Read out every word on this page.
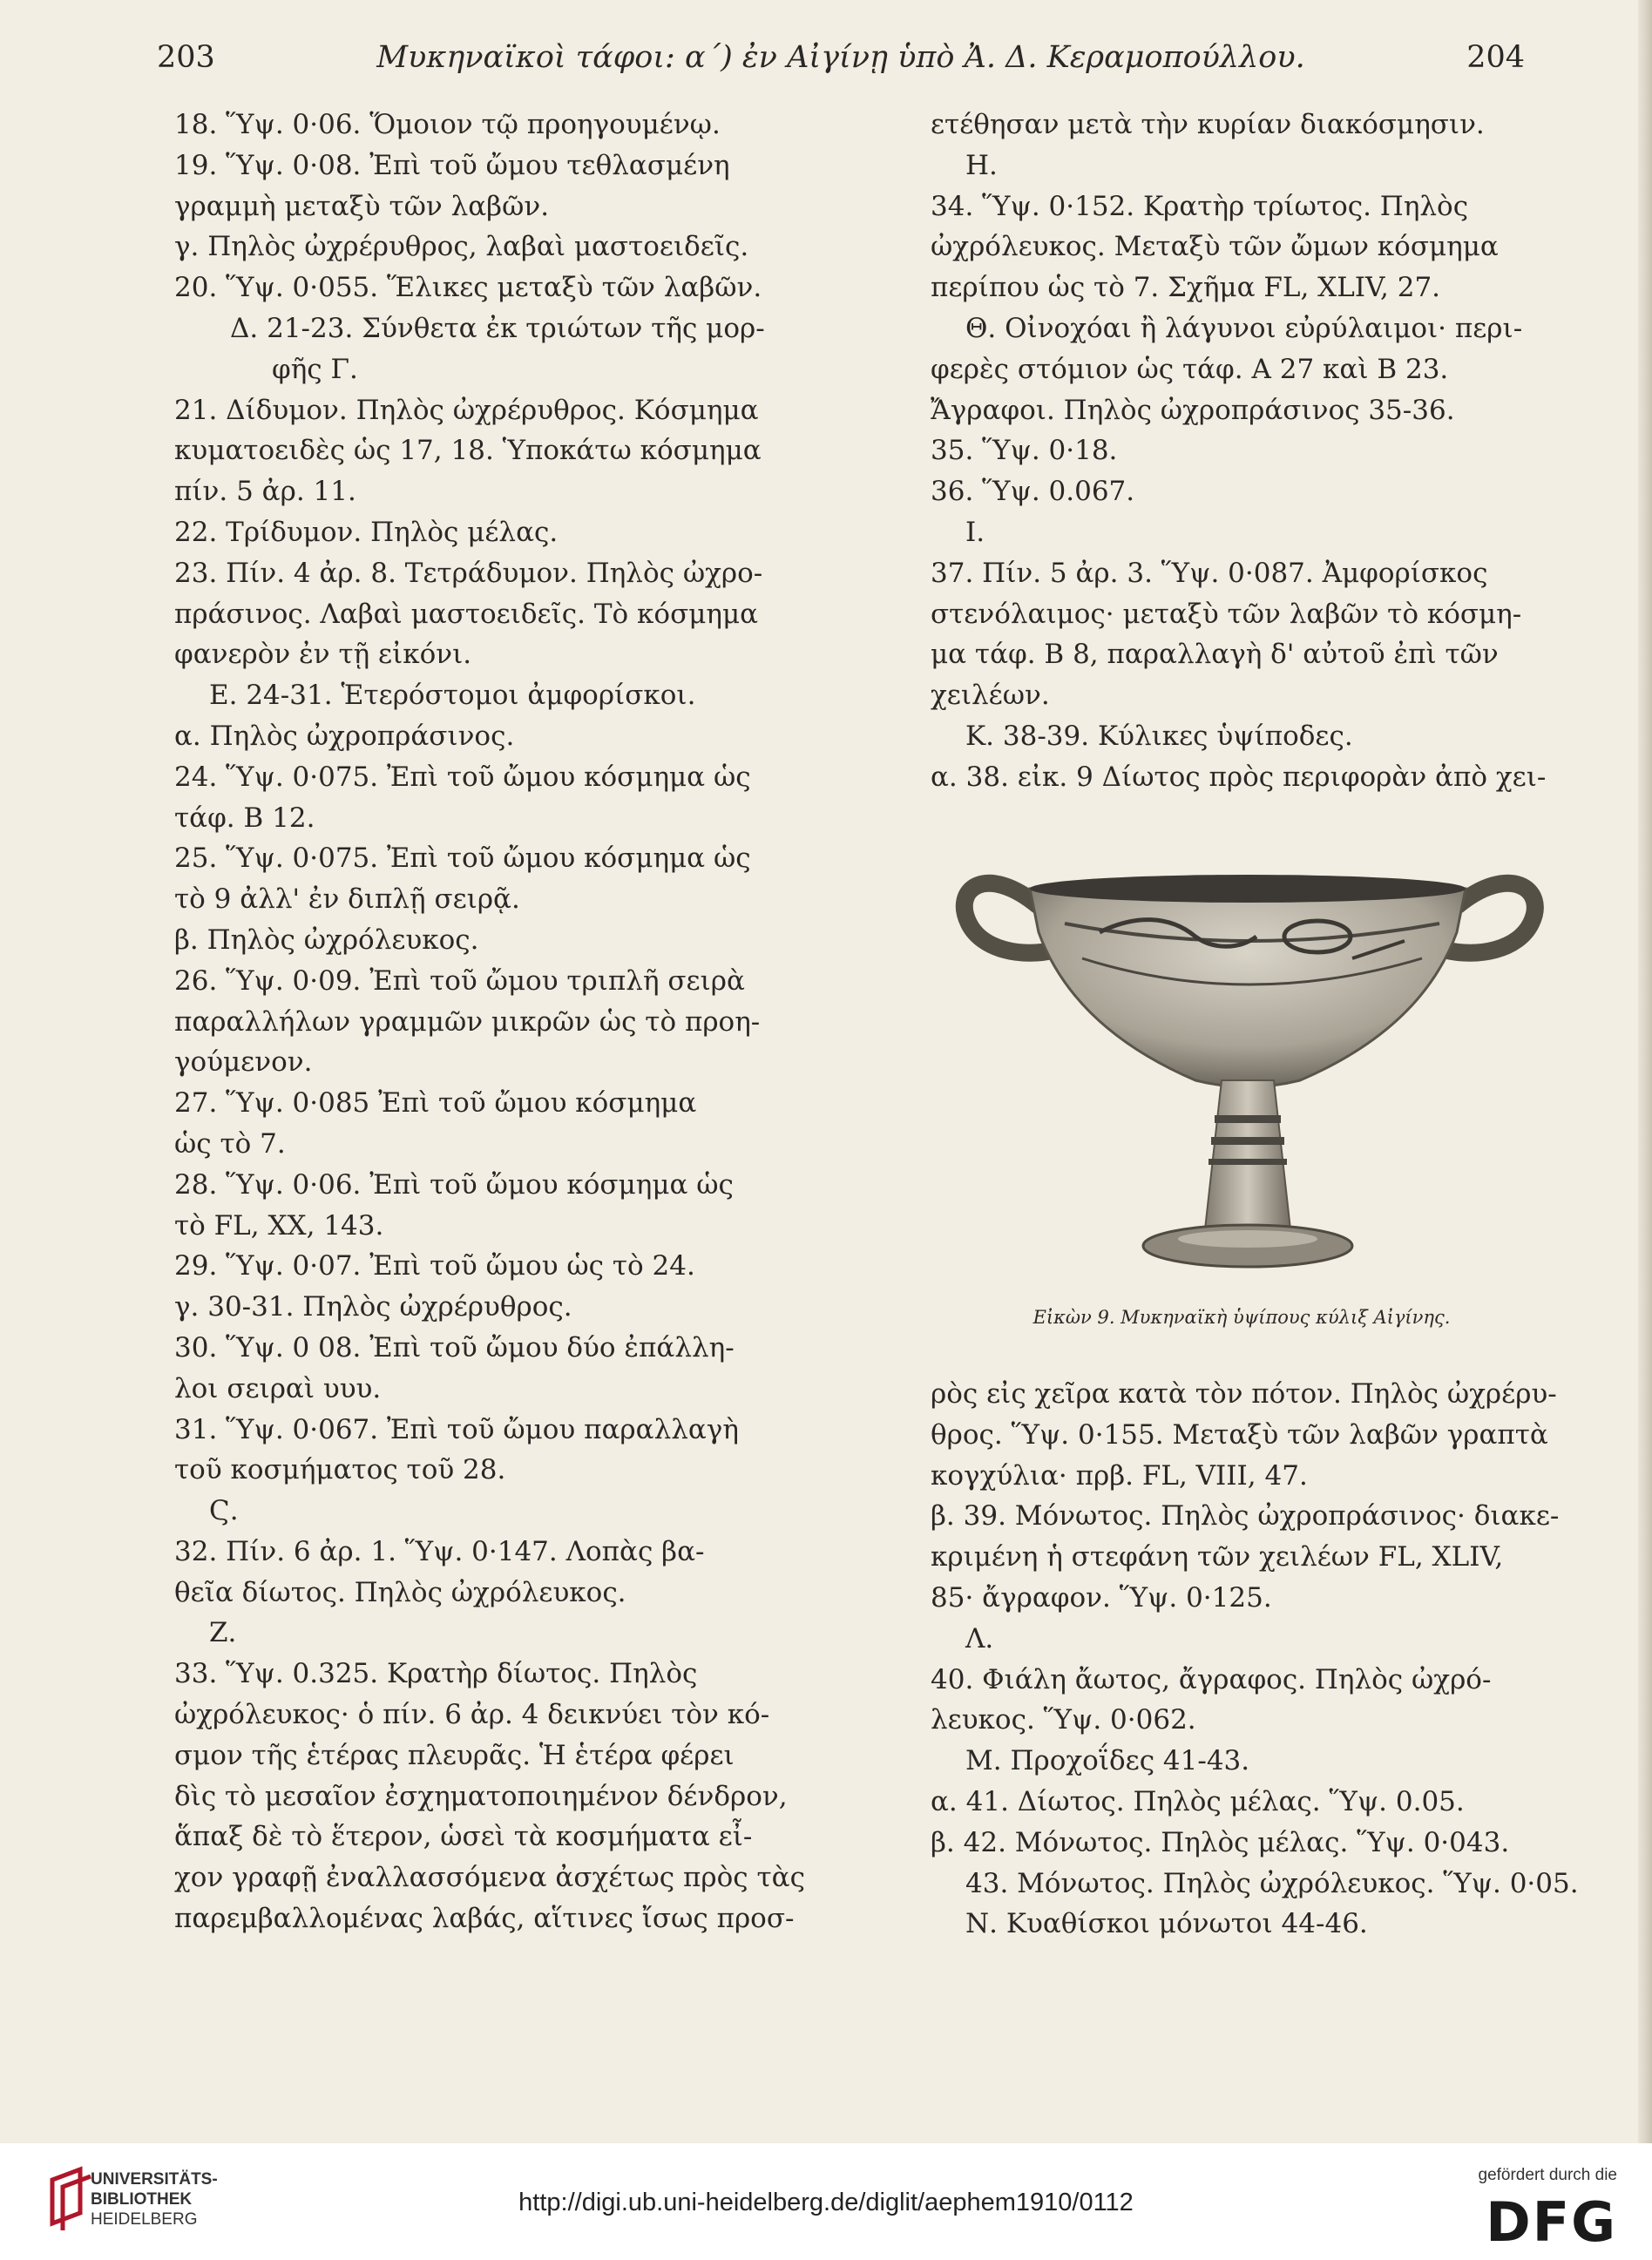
203	Μυκηναϊκοὶ τάφοι: α΄) ἐν Αἰγίνῃ ὑπὸ Ἀ. Δ. Κεραμοπούλλου.	204
18. Ὕψ. 0·06. Ὅμοιον τῷ προηγουμένῳ.
19. Ὕψ. 0·08. Ἐπὶ τοῦ ὤμου τεθλασμένη
γραμμὴ μεταξὺ τῶν λαβῶν.
γ. Πηλὸς ὠχρέρυθρος, λαβαὶ μαστοειδεῖς.
20. Ὕψ. 0·055. Ἕλικες μεταξὺ τῶν λαβῶν.
Δ. 21-23. Σύνθετα ἐκ τριώτων τῆς μορ-
φῆς Γ.
21. Δίδυμον. Πηλὸς ὠχρέρυθρος. Κόσμημα
κυματοειδὲς ὡς 17, 18. Ὑποκάτω κόσμημα
πίν. 5 ἀρ. 11.
22. Τρίδυμον. Πηλὸς μέλας.
23. Πίν. 4 ἀρ. 8. Τετράδυμον. Πηλὸς ὠχρο-
πράσινος. Λαβαὶ μαστοειδεῖς. Τὸ κόσμημα
φανερὸν ἐν τῇ εἰκόνι.
Ε. 24-31. Ἑτερόστομοι ἀμφορίσκοι.
α. Πηλὸς ὠχροπράσινος.
24. Ὕψ. 0·075. Ἐπὶ τοῦ ὤμου κόσμημα ὡς
τάφ. Β 12.
25. Ὕψ. 0·075. Ἐπὶ τοῦ ὤμου κόσμημα ὡς
τὸ 9 ἀλλ' ἐν διπλῇ σειρᾷ.
β. Πηλὸς ὠχρόλευκος.
26. Ὕψ. 0·09. Ἐπὶ τοῦ ὤμου τριπλῆ σειρὰ
παραλλήλων γραμμῶν μικρῶν ὡς τὸ προη-
γούμενον.
27. Ὕψ. 0·085 Ἐπὶ τοῦ ὤμου κόσμημα
ὡς τὸ 7.
28. Ὕψ. 0·06. Ἐπὶ τοῦ ὤμου κόσμημα ὡς
τὸ FL, XX, 143.
29. Ὕψ. 0·07. Ἐπὶ τοῦ ὤμου ὡς τὸ 24.
γ. 30-31. Πηλὸς ὠχρέρυθρος.
30. Ὕψ. 0 08. Ἐπὶ τοῦ ὤμου δύο ἐπάλλη-
λοι σειραὶ υυυ.
31. Ὕψ. 0·067. Ἐπὶ τοῦ ὤμου παραλλαγὴ
τοῦ κοσμήματος τοῦ 28.
Ϛ.
32. Πίν. 6 ἀρ. 1. Ὕψ. 0·147. Λοπὰς βα-
θεῖα δίωτος. Πηλὸς ὠχρόλευκος.
Ζ.
33. Ὕψ. 0.325. Κρατὴρ δίωτος. Πηλὸς
ὠχρόλευκος· ὁ πίν. 6 ἀρ. 4 δεικνύει τὸν κό-
σμον τῆς ἑτέρας πλευρᾶς. Ἡ ἑτέρα φέρει
δὶς τὸ μεσαῖον ἐσχηματοποιημένον δένδρον,
ἅπαξ δὲ τὸ ἕτερον, ὡσεὶ τὰ κοσμήματα εἶ-
χον γραφῇ ἐναλλασσόμενα ἀσχέτως πρὸς τὰς
παρεμβαλλομένας λαβάς, αἵτινες ἴσως προσ-
ετέθησαν μετὰ τὴν κυρίαν διακόσμησιν.
Η.
34. Ὕψ. 0·152. Κρατὴρ τρίωτος. Πηλὸς
ὠχρόλευκος. Μεταξὺ τῶν ὤμων κόσμημα
περίπου ὡς τὸ 7. Σχῆμα FL, XLIV, 27.
Θ. Οἰνοχόαι ἢ λάγυνοι εὐρύλαιμοι· περι-
φερὲς στόμιον ὡς τάφ. Α 27 καὶ Β 23.
Ἄγραφοι. Πηλὸς ὠχροπράσινος 35-36.
35. Ὕψ. 0·18.
36. Ὕψ. 0.067.
Ι.
37. Πίν. 5 ἀρ. 3. Ὕψ. 0·087. Ἀμφορίσκος
στενόλαιμος· μεταξὺ τῶν λαβῶν τὸ κόσμη-
μα τάφ. Β 8, παραλλαγὴ δ' αὐτοῦ ἐπὶ τῶν
χειλέων.
Κ. 38-39. Κύλικες ὑψίποδες.
α. 38. εἰκ. 9 Δίωτος πρὸς περιφορὰν ἀπὸ χει-
Εἰκὼν 9. Μυκηναϊκὴ ὑψίπους κύλιξ Αἰγίνης.
ρὸς εἰς χεῖρα κατὰ τὸν πότον. Πηλὸς ὠχρέρυ-
θρος. Ὕψ. 0·155. Μεταξὺ τῶν λαβῶν γραπτὰ
κογχύλια· πρβ. FL, VIII, 47.
β. 39. Μόνωτος. Πηλὸς ὠχροπράσινος· διακε-
κριμένη ἡ στεφάνη τῶν χειλέων FL, XLIV,
85· ἄγραφον. Ὕψ. 0·125.
Λ.
40. Φιάλη ἄωτος, ἄγραφος. Πηλὸς ὠχρό-
λευκος. Ὕψ. 0·062.
Μ. Προχοΐδες 41-43.
α. 41. Δίωτος. Πηλὸς μέλας. Ὕψ. 0.05.
β. 42. Μόνωτος. Πηλὸς μέλας. Ὕψ. 0·043.
43. Μόνωτος. Πηλὸς ὠχρόλευκος. Ὕψ. 0·05.
Ν. Κυαθίσκοι μόνωτοι 44-46.
UNIVERSITÄTS-
BIBLIOTHEK
HEIDELBERG
http://digi.ub.uni-heidelberg.de/diglit/aephem1910/0112
gefördert durch die
DFG
